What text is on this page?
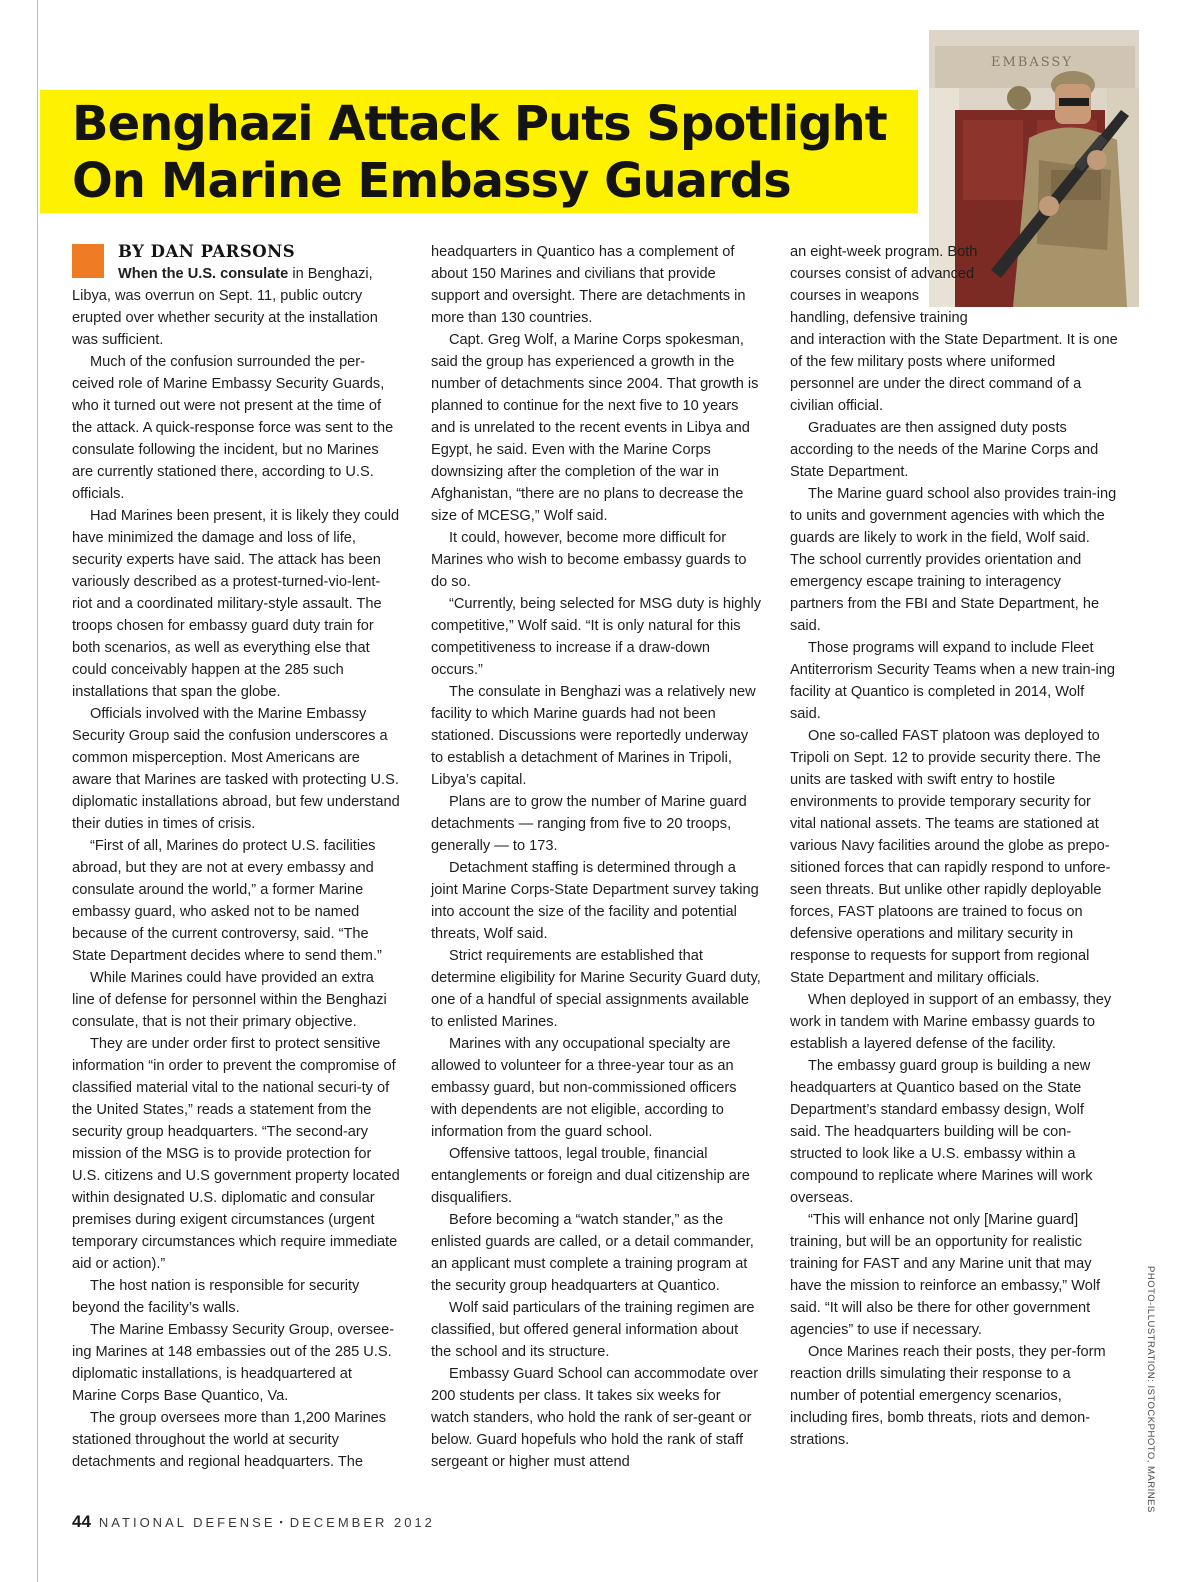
Benghazi Attack Puts Spotlight
On Marine Embassy Guards
EMBASSY
BY DAN PARSONS

When the U.S. consulate in Benghazi, Libya, was overrun on Sept. 11, public outcry erupted over whether security at the installation was sufficient.

Much of the confusion surrounded the per-ceived role of Marine Embassy Security Guards, who it turned out were not present at the time of the attack. A quick-response force was sent to the consulate following the incident, but no Marines are currently stationed there, according to U.S. officials.

Had Marines been present, it is likely they could have minimized the damage and loss of life, security experts have said. The attack has been variously described as a protest-turned-vio-lent-riot and a coordinated military-style assault. The troops chosen for embassy guard duty train for both scenarios, as well as everything else that could conceivably happen at the 285 such installations that span the globe.

Officials involved with the Marine Embassy Security Group said the confusion underscores a common misperception. Most Americans are aware that Marines are tasked with protecting U.S. diplomatic installations abroad, but few understand their duties in times of crisis.

“First of all, Marines do protect U.S. facilities abroad, but they are not at every embassy and consulate around the world,” a former Marine embassy guard, who asked not to be named because of the current controversy, said. “The State Department decides where to send them.”

While Marines could have provided an extra line of defense for personnel within the Benghazi consulate, that is not their primary objective.

They are under order first to protect sensitive information “in order to prevent the compromise of classified material vital to the national securi-ty of the United States,” reads a statement from the security group headquarters. “The second-ary mission of the MSG is to provide protection for U.S. citizens and U.S government property located within designated U.S. diplomatic and consular premises during exigent circumstances (urgent temporary circumstances which require immediate aid or action).”

The host nation is responsible for security beyond the facility’s walls.

The Marine Embassy Security Group, oversee-ing Marines at 148 embassies out of the 285 U.S. diplomatic installations, is headquartered at Marine Corps Base Quantico, Va.

The group oversees more than 1,200 Marines stationed throughout the world at security detachments and regional headquarters. The

headquarters in Quantico has a complement of about 150 Marines and civilians that provide support and oversight. There are detachments in more than 130 countries.

Capt. Greg Wolf, a Marine Corps spokesman, said the group has experienced a growth in the number of detachments since 2004. That growth is planned to continue for the next five to 10 years and is unrelated to the recent events in Libya and Egypt, he said. Even with the Marine Corps downsizing after the completion of the war in Afghanistan, “there are no plans to decrease the size of MCESG,” Wolf said.

It could, however, become more difficult for Marines who wish to become embassy guards to do so.

“Currently, being selected for MSG duty is highly competitive,” Wolf said. “It is only natural for this competitiveness to increase if a draw-down occurs.”

The consulate in Benghazi was a relatively new facility to which Marine guards had not been stationed. Discussions were reportedly underway to establish a detachment of Marines in Tripoli, Libya’s capital.

Plans are to grow the number of Marine guard detachments — ranging from five to 20 troops, generally — to 173.

Detachment staffing is determined through a joint Marine Corps-State Department survey taking into account the size of the facility and potential threats, Wolf said.

Strict requirements are established that determine eligibility for Marine Security Guard duty, one of a handful of special assignments available to enlisted Marines.

Marines with any occupational specialty are allowed to volunteer for a three-year tour as an embassy guard, but non-commissioned officers with dependents are not eligible, according to information from the guard school.

Offensive tattoos, legal trouble, financial entanglements or foreign and dual citizenship are disqualifiers.

Before becoming a “watch stander,” as the enlisted guards are called, or a detail commander, an applicant must complete a training program at the security group headquarters at Quantico.

Wolf said particulars of the training regimen are classified, but offered general information about the school and its structure.

Embassy Guard School can accommodate over 200 students per class. It takes six weeks for watch standers, who hold the rank of ser-geant or below. Guard hopefuls who hold the rank of staff sergeant or higher must attend

an eight-week program. Both courses consist of advanced courses in weapons handling, defensive training and interaction with the State Department. It is one of the few military posts where uniformed personnel are under the direct command of a civilian official.

Graduates are then assigned duty posts according to the needs of the Marine Corps and State Department.

The Marine guard school also provides train-ing to units and government agencies with which the guards are likely to work in the field, Wolf said. The school currently provides orientation and emergency escape training to interagency partners from the FBI and State Department, he said.

Those programs will expand to include Fleet Antiterrorism Security Teams when a new train-ing facility at Quantico is completed in 2014, Wolf said.

One so-called FAST platoon was deployed to Tripoli on Sept. 12 to provide security there. The units are tasked with swift entry to hostile environments to provide temporary security for vital national assets. The teams are stationed at various Navy facilities around the globe as prepo-sitioned forces that can rapidly respond to unfore-seen threats. But unlike other rapidly deployable forces, FAST platoons are trained to focus on defensive operations and military security in response to requests for support from regional State Department and military officials.

When deployed in support of an embassy, they work in tandem with Marine embassy guards to establish a layered defense of the facility.

The embassy guard group is building a new headquarters at Quantico based on the State Department’s standard embassy design, Wolf said. The headquarters building will be con-structed to look like a U.S. embassy within a compound to replicate where Marines will work overseas.

“This will enhance not only [Marine guard] training, but will be an opportunity for realistic training for FAST and any Marine unit that may have the mission to reinforce an embassy,” Wolf said. “It will also be there for other government agencies” to use if necessary.

Once Marines reach their posts, they per-form reaction drills simulating their response to a number of potential emergency scenarios, including fires, bomb threats, riots and demon-strations.	PHOTO-ILLUSTRATION: ISTOCKPHOTO, MARINES
44 NATIONAL DEFENSE ▪ DECEMBER 2012
